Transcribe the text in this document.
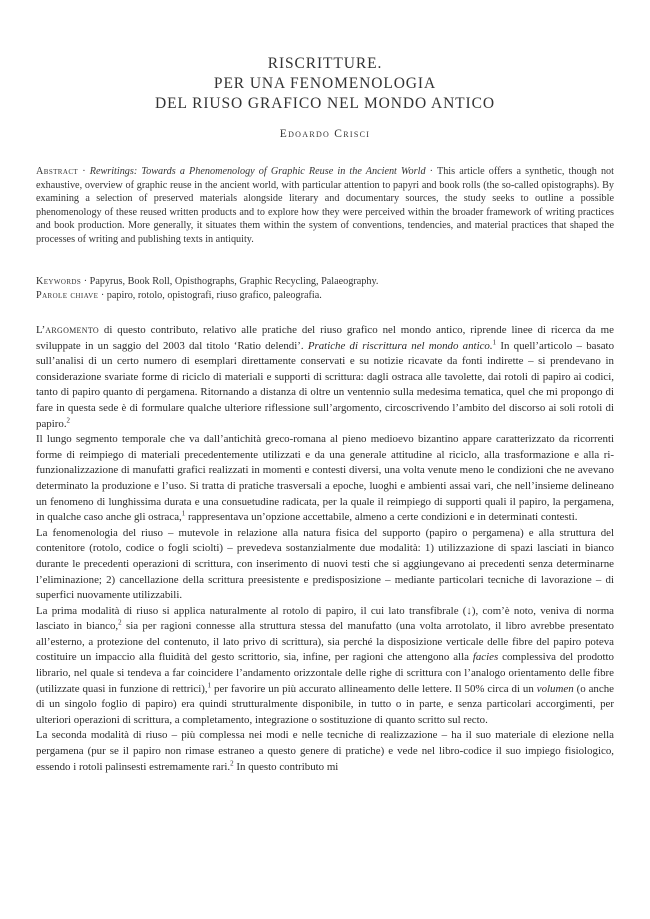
RISCRITTURE.
PER UNA FENOMENOLOGIA
DEL RIUSO GRAFICO NEL MONDO ANTICO
Edoardo Crisci

Abstract · Rewritings: Towards a Phenomenology of Graphic Reuse in the Ancient World · This article offers a synthetic, though not exhaustive, overview of graphic reuse in the ancient world, with particular attention to papyri and book rolls (the so-called opistographs). By examining a selection of preserved materials alongside literary and documentary sources, the study seeks to outline a possible phenomenology of these reused written products and to explore how they were perceived within the broader framework of writing practices and book production. More generally, it situates them within the system of conventions, tendencies, and material practices that shaped the processes of writing and publishing texts in antiquity.

Keywords · Papyrus, Book Roll, Opisthographs, Graphic Recycling, Palaeography.
Parole chiave · papiro, rotolo, opistografi, riuso grafico, paleografia.

L’argomento di questo contributo, relativo alle pratiche del riuso grafico nel mondo antico, riprende linee di ricerca da me sviluppate in un saggio del 2003 dal titolo ‘Ratio delendi’. Pratiche di riscrittura nel mondo antico.$^1$ In quell’articolo – basato sull’analisi di un certo numero di esemplari direttamente conservati e su notizie ricavate da fonti indirette – si prendevano in considerazione svariate forme di riciclo di materiali e supporti di scrittura: dagli ostraca alle tavolette, dai rotoli di papiro ai codici, tanto di papiro quanto di pergamena. Ritornando a distanza di oltre un ventennio sulla medesima tematica, quel che mi propongo di fare in questa sede è di formulare qualche ulteriore riflessione sull’argomento, circoscrivendo l’ambito del discorso ai soli rotoli di papiro.$^2$

Il lungo segmento temporale che va dall’antichità greco-romana al pieno medioevo bizantino appare caratterizzato da ricorrenti forme di reimpiego di materiali precedentemente utilizzati e da una generale attitudine al riciclo, alla trasformazione e alla ri-funzionalizzazione di manufatti grafici realizzati in momenti e contesti diversi, una volta venute meno le condizioni che ne avevano determinato la produzione e l’uso. Si tratta di pratiche trasversali a epoche, luoghi e ambienti assai vari, che nell’insieme delineano un fenomeno di lunghissima durata e una consuetudine radicata, per la quale il reimpiego di supporti quali il papiro, la pergamena, in qualche caso anche gli ostraca,$^1$ rappresentava un’opzione accettabile, almeno a certe condizioni e in determinati contesti.

La fenomenologia del riuso – mutevole in relazione alla natura fisica del supporto (papiro o pergamena) e alla struttura del contenitore (rotolo, codice o fogli sciolti) – prevedeva sostanzialmente due modalità: 1) utilizzazione di spazi lasciati in bianco durante le precedenti operazioni di scrittura, con inserimento di nuovi testi che si aggiungevano ai precedenti senza determinarne l’eliminazione; 2) cancellazione della scrittura preesistente e predisposizione – mediante particolari tecniche di lavorazione – di superfici nuovamente utilizzabili.

La prima modalità di riuso si applica naturalmente al rotolo di papiro, il cui lato transfibrale (↓), com’è noto, veniva di norma lasciato in bianco,$^2$ sia per ragioni connesse alla struttura stessa del manufatto (una volta arrotolato, il libro avrebbe presentato all’esterno, a protezione del contenuto, il lato privo di scrittura), sia perché la disposizione verticale delle fibre del papiro poteva costituire un impaccio alla fluidità del gesto scrittorio, sia, infine, per ragioni che attengono alla facies complessiva del prodotto librario, nel quale si tendeva a far coincidere l’andamento orizzontale delle righe di scrittura con l’analogo orientamento delle fibre (utilizzate quasi in funzione di rettrici),$^1$ per favorire un più accurato allineamento delle lettere. Il 50% circa di un volumen (o anche di un singolo foglio di papiro) era quindi strutturalmente disponibile, in tutto o in parte, e senza particolari accorgimenti, per ulteriori operazioni di scrittura, a completamento, integrazione o sostituzione di quanto scritto sul recto.

La seconda modalità di riuso – più complessa nei modi e nelle tecniche di realizzazione – ha il suo materiale di elezione nella pergamena (pur se il papiro non rimase estraneo a questo genere di pratiche) e vede nel libro-codice il suo impiego fisiologico, essendo i rotoli palinsesti estremamente rari.$^2$ In questo contributo mi
